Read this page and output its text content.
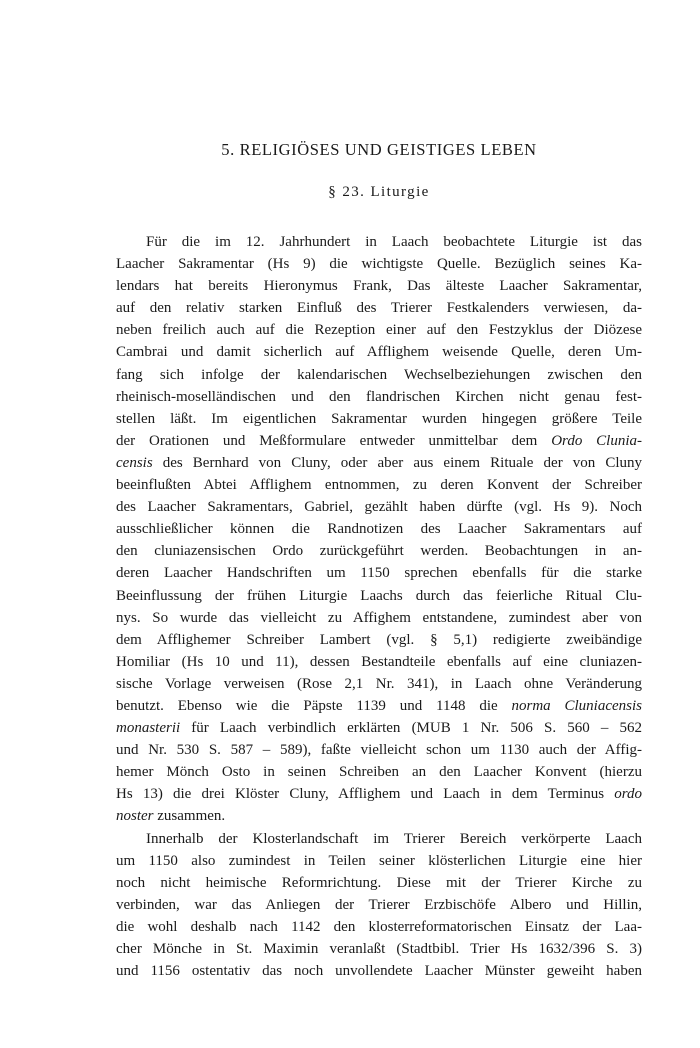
5. RELIGIÖSES UND GEISTIGES LEBEN
§ 23. Liturgie

Für die im 12. Jahrhundert in Laach beobachtete Liturgie ist das
Laacher Sakramentar (Hs 9) die wichtigste Quelle. Bezüglich seines Ka-
lendars hat bereits Hieronymus Frank, Das älteste Laacher Sakramentar,
auf den relativ starken Einfluß des Trierer Festkalenders verwiesen, da-
neben freilich auch auf die Rezeption einer auf den Festzyklus der Diözese
Cambrai und damit sicherlich auf Afflighem weisende Quelle, deren Um-
fang sich infolge der kalendarischen Wechselbeziehungen zwischen den
rheinisch-moselländischen und den flandrischen Kirchen nicht genau fest-
stellen läßt. Im eigentlichen Sakramentar wurden hingegen größere Teile
der Orationen und Meßformulare entweder unmittelbar dem Ordo Clunia-
censis des Bernhard von Cluny, oder aber aus einem Rituale der von Cluny
beeinflußten Abtei Afflighem entnommen, zu deren Konvent der Schreiber
des Laacher Sakramentars, Gabriel, gezählt haben dürfte (vgl. Hs 9). Noch
ausschließlicher können die Randnotizen des Laacher Sakramentars auf
den cluniazensischen Ordo zurückgeführt werden. Beobachtungen in an-
deren Laacher Handschriften um 1150 sprechen ebenfalls für die starke
Beeinflussung der frühen Liturgie Laachs durch das feierliche Ritual Clu-
nys. So wurde das vielleicht zu Affighem entstandene, zumindest aber von
dem Afflighemer Schreiber Lambert (vgl. § 5,1) redigierte zweibändige
Homiliar (Hs 10 und 11), dessen Bestandteile ebenfalls auf eine cluniazen-
sische Vorlage verweisen (Rose 2,1 Nr. 341), in Laach ohne Veränderung
benutzt. Ebenso wie die Päpste 1139 und 1148 die norma Cluniacensis
monasterii für Laach verbindlich erklärten (MUB 1 Nr. 506 S. 560 – 562
und Nr. 530 S. 587 – 589), faßte vielleicht schon um 1130 auch der Affig-
hemer Mönch Osto in seinen Schreiben an den Laacher Konvent (hierzu
Hs 13) die drei Klöster Cluny, Afflighem und Laach in dem Terminus ordo
noster zusammen.

Innerhalb der Klosterlandschaft im Trierer Bereich verkörperte Laach
um 1150 also zumindest in Teilen seiner klösterlichen Liturgie eine hier
noch nicht heimische Reformrichtung. Diese mit der Trierer Kirche zu
verbinden, war das Anliegen der Trierer Erzbischöfe Albero und Hillin,
die wohl deshalb nach 1142 den klosterreformatorischen Einsatz der Laa-
cher Mönche in St. Maximin veranlaßt (Stadtbibl. Trier Hs 1632/396 S. 3)
und 1156 ostentativ das noch unvollendete Laacher Münster geweiht haben
